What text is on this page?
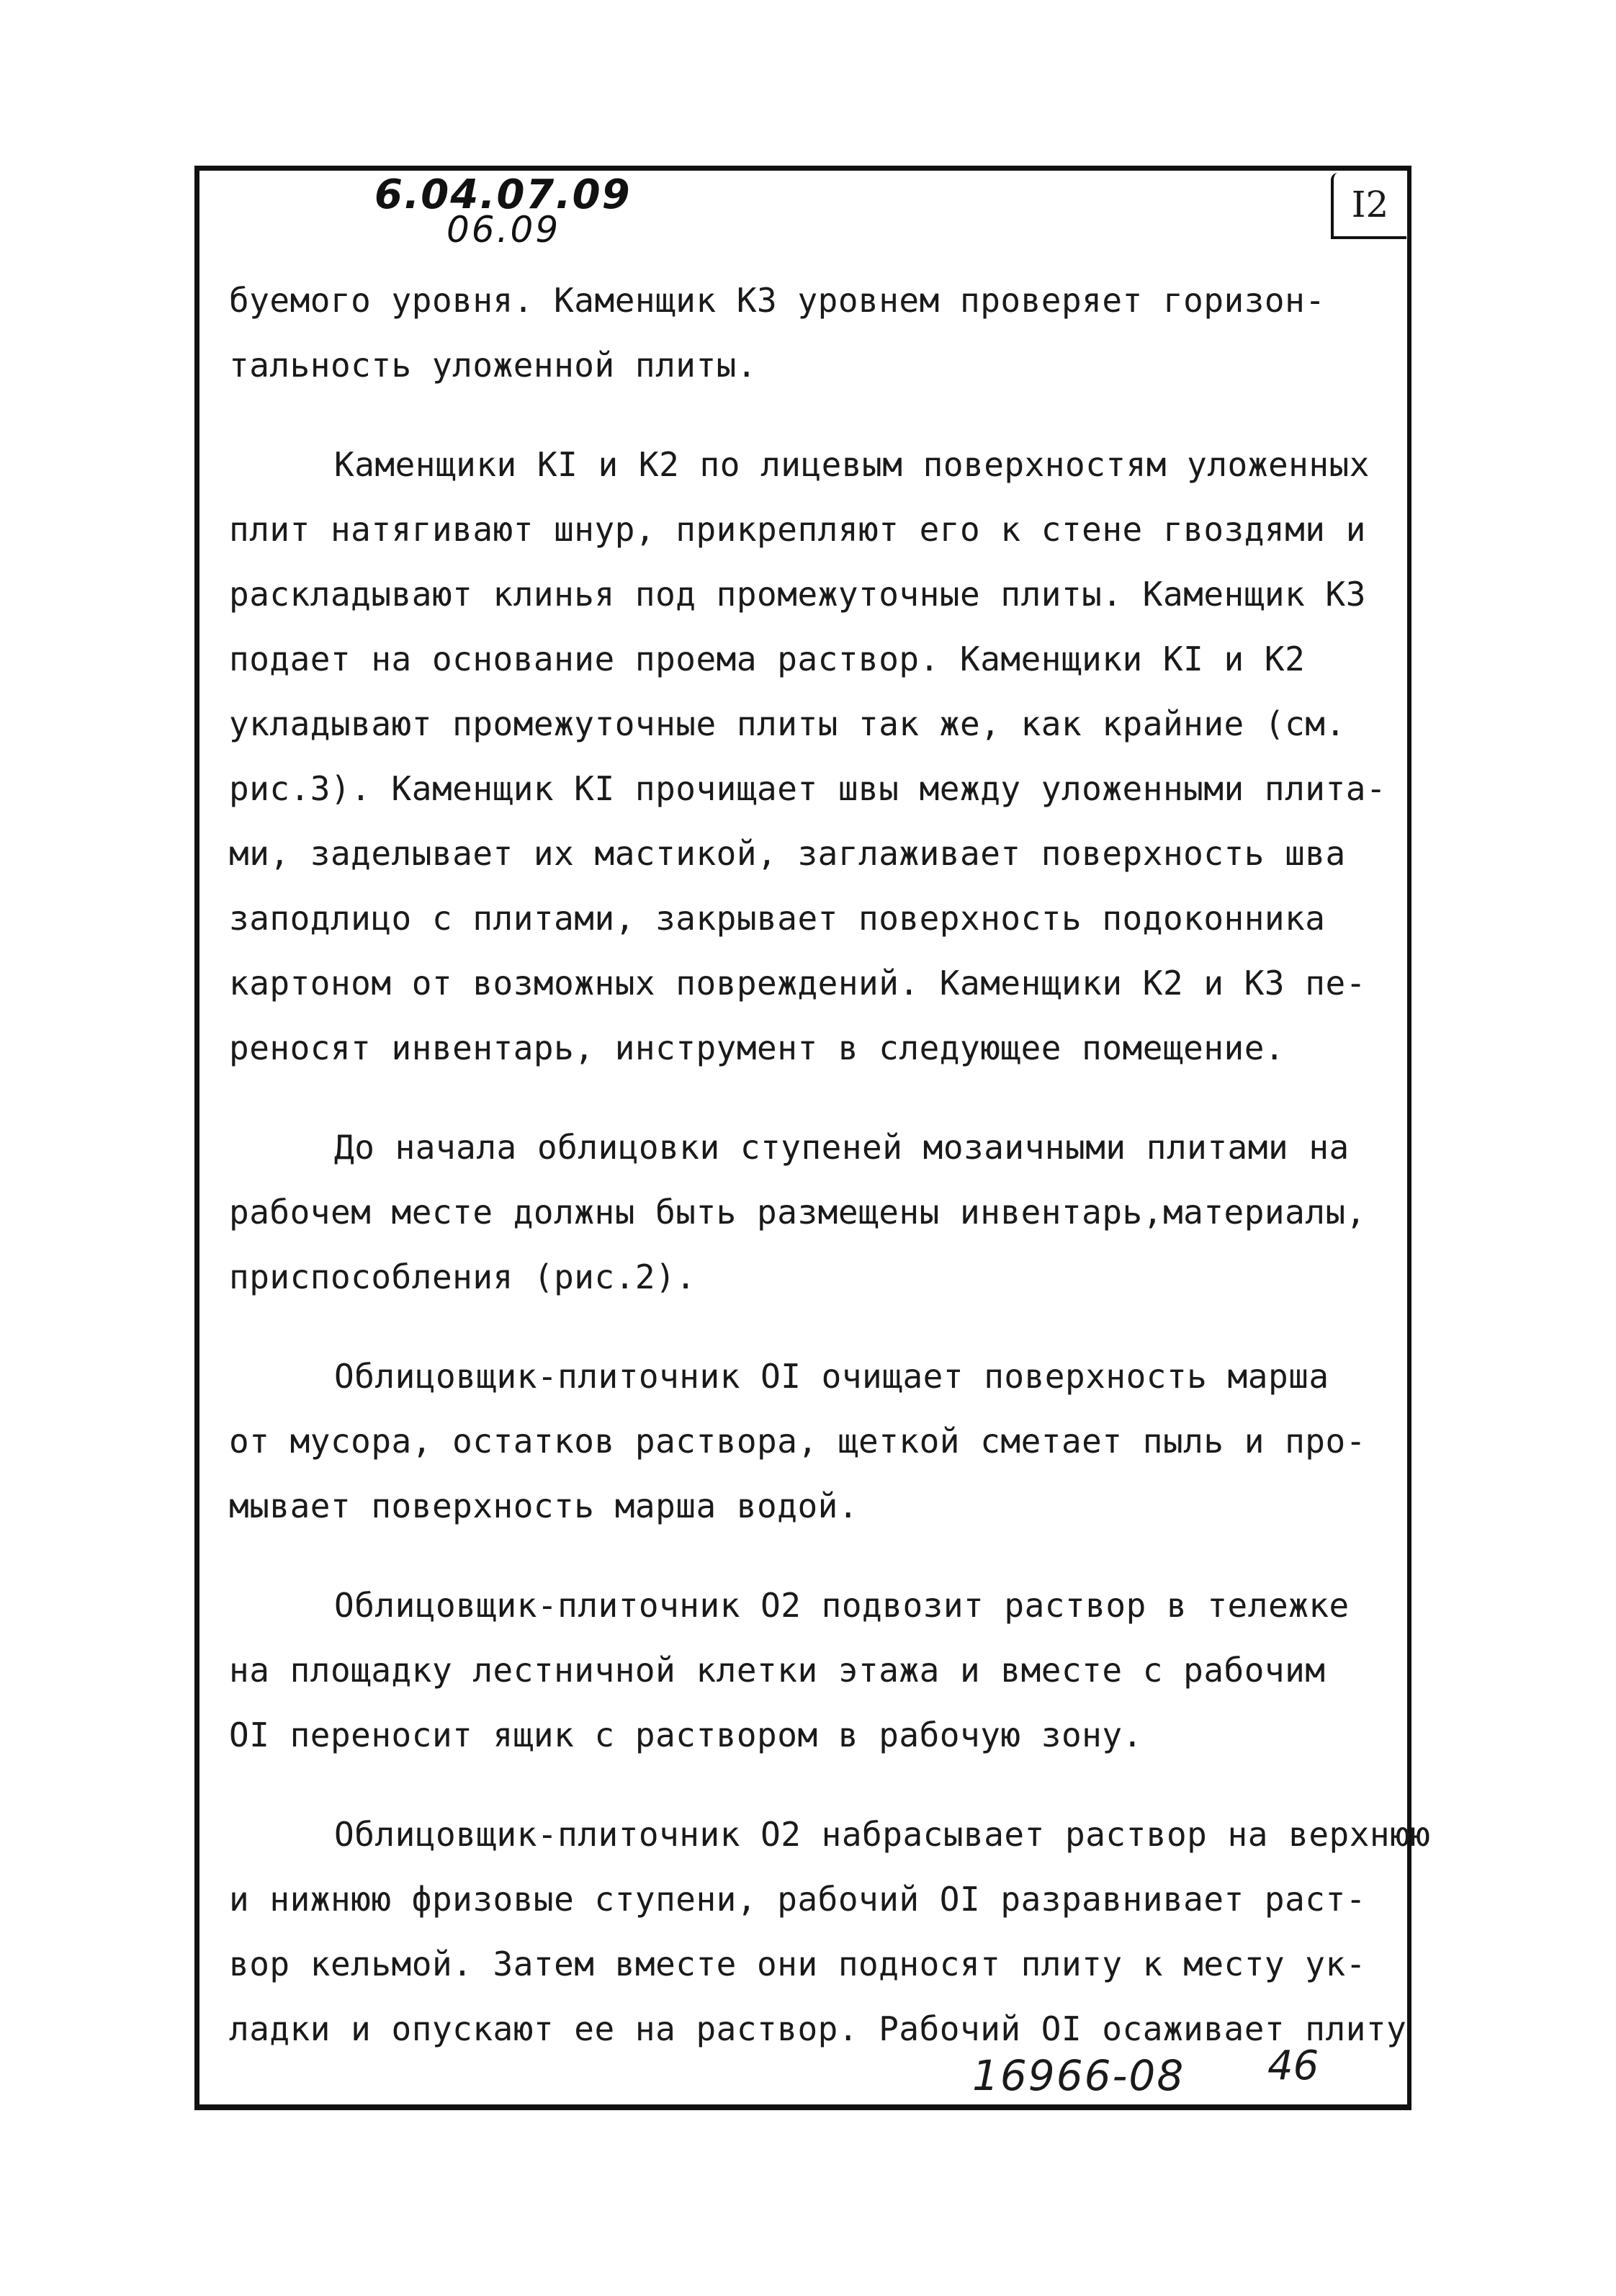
6.04.07.09
06.09
I2
буемого уровня. Каменщик К3 уровнем проверяет горизон-
тальность уложенной плиты.
Каменщики КI и К2 по лицевым поверхностям уложенных
плит натягивают шнур, прикрепляют его к стене гвоздями и
раскладывают клинья под промежуточные плиты. Каменщик К3
подает на основание проема раствор. Каменщики КI и К2
укладывают промежуточные плиты так же, как крайние (см.
рис.3). Каменщик КI прочищает швы между уложенными плита-
ми, заделывает их мастикой, заглаживает поверхность шва
заподлицо с плитами, закрывает поверхность подоконника
картоном от возможных повреждений. Каменщики К2 и К3 пе-
реносят инвентарь, инструмент в следующее помещение.
До начала облицовки ступеней мозаичными плитами на
рабочем месте должны быть размещены инвентарь,материалы,
приспособления (рис.2).
Облицовщик-плиточник OI очищает поверхность марша
от мусора, остатков раствора, щеткой сметает пыль и про-
мывает поверхность марша водой.
Облицовщик-плиточник O2 подвозит раствор в тележке
на площадку лестничной клетки этажа и вместе с рабочим
OI переносит ящик с раствором в рабочую зону.
Облицовщик-плиточник O2 набрасывает раствор на верхнюю
и нижнюю фризовые ступени, рабочий OI разравнивает раст-
вор кельмой. Затем вместе они подносят плиту к месту ук-
ладки и опускают ее на раствор. Рабочий OI осаживает плиту
16966-08 46
